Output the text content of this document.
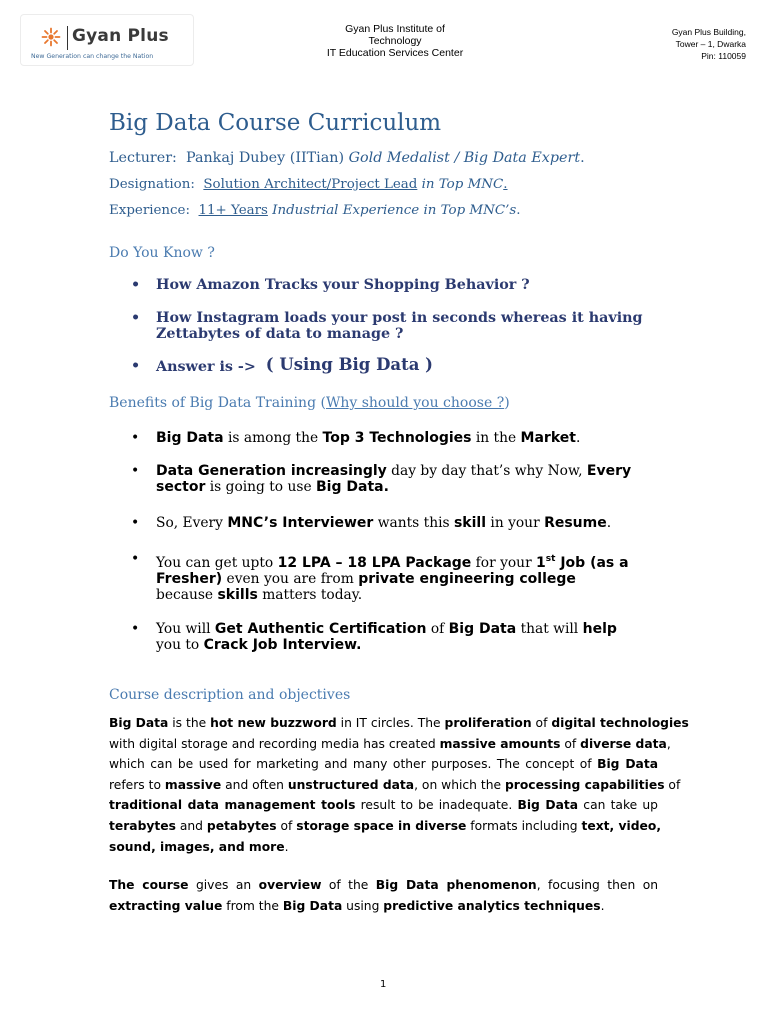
Gyan Plus
New Generation can change the Nation
Gyan Plus Institute of
Technology
IT Education Services Center
Gyan Plus Building,
Tower – 1, Dwarka
Pin: 110059
Big Data Course Curriculum
Lecturer: Pankaj Dubey (IITian) Gold Medalist / Big Data Expert.
Designation: Solution Architect/Project Lead in Top MNC.
Experience: 11+ Years Industrial Experience in Top MNC’s.
Do You Know ?
• How Amazon Tracks your Shopping Behavior ?
• How Instagram loads your post in seconds whereas it having
Zettabytes of data to manage ?
• Answer is -> ( Using Big Data )
Benefits of Big Data Training (Why should you choose ?)
• Big Data is among the Top 3 Technologies in the Market.
• Data Generation increasingly day by day that’s why Now, Every
sector is going to use Big Data.
• So, Every MNC’s Interviewer wants this skill in your Resume.
• You can get upto 12 LPA – 18 LPA Package for your 1st Job (as a
Fresher) even you are from private engineering college
because skills matters today.
• You will Get Authentic Certification of Big Data that will help
you to Crack Job Interview.
Course description and objectives
Big Data is the hot new buzzword in IT circles. The proliferation of digital technologies
with digital storage and recording media has created massive amounts of diverse data,
which can be used for marketing and many other purposes. The concept of Big Data
refers to massive and often unstructured data, on which the processing capabilities of
traditional data management tools result to be inadequate. Big Data can take up
terabytes and petabytes of storage space in diverse formats including text, video,
sound, images, and more.
The course gives an overview of the Big Data phenomenon, focusing then on
extracting value from the Big Data using predictive analytics techniques.
1
